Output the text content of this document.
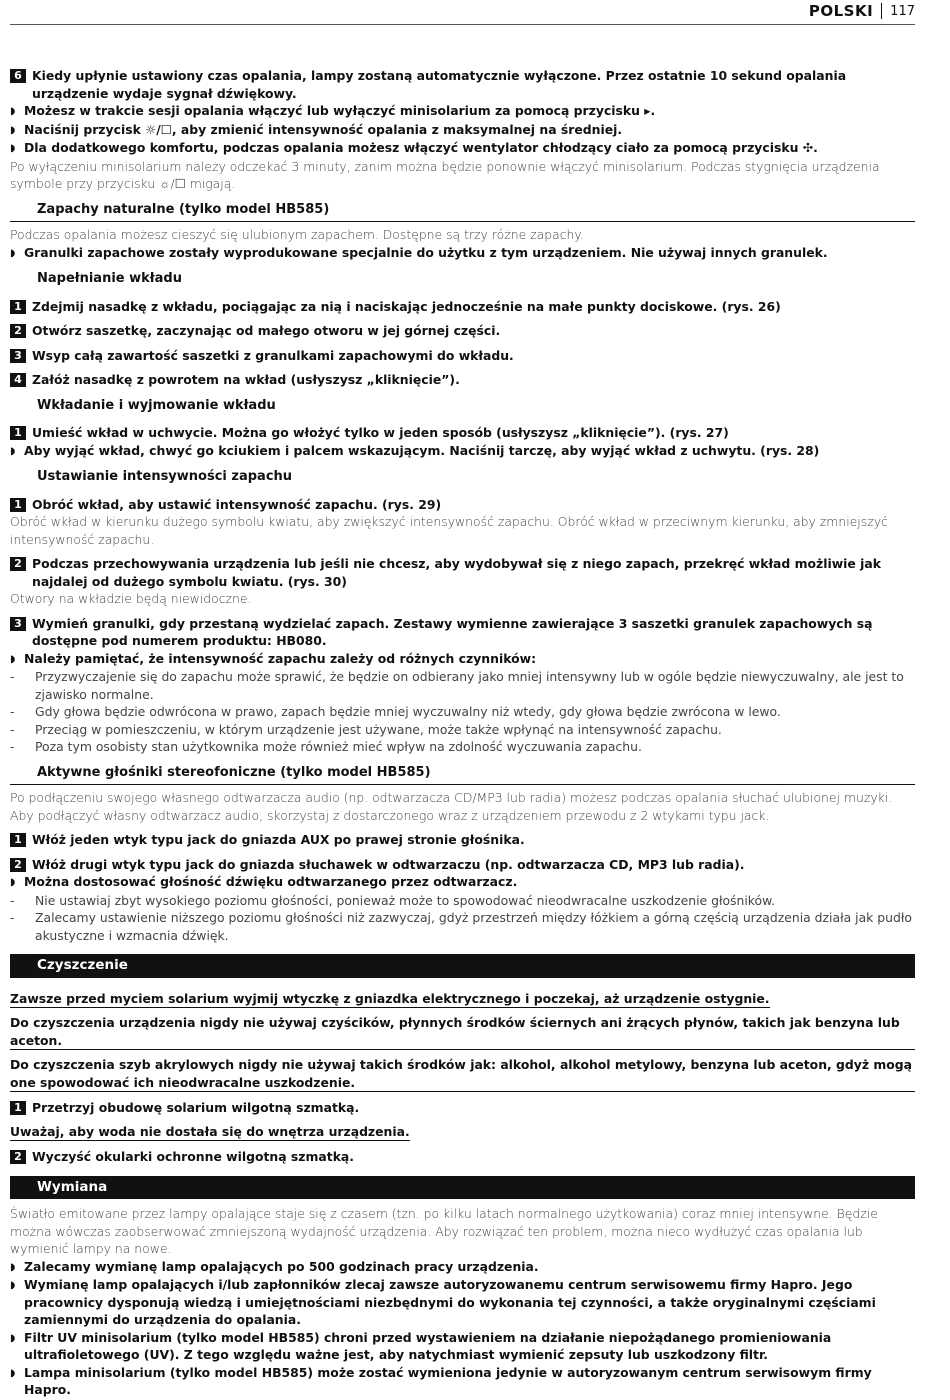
POLSKI 117
6 Kiedy upłynie ustawiony czas opalania, lampy zostaną automatycznie wyłączone. Przez ostatnie 10 sekund opalania urządzenie wydaje sygnał dźwiękowy.
◗ Możesz w trakcie sesji opalania włączyć lub wyłączyć minisolarium za pomocą przycisku ▸.
◗ Naciśnij przycisk ☼/☐, aby zmienić intensywność opalania z maksymalnej na średniej.
◗ Dla dodatkowego komfortu, podczas opalania możesz włączyć wentylator chłodzący ciało za pomocą przycisku ✣.

Po wyłączeniu minisolarium należy odczekać 3 minuty, zanim można będzie ponownie włączyć minisolarium. Podczas stygnięcia urządzenia symbole przy przycisku ☼/☐ migają.

Zapachy naturalne (tylko model HB585)

Podczas opalania możesz cieszyć się ulubionym zapachem. Dostępne są trzy różne zapachy.

◗ Granulki zapachowe zostały wyprodukowane specjalnie do użytku z tym urządzeniem. Nie używaj innych granulek.
Napełnianie wkładu
1 Zdejmij nasadkę z wkładu, pociągając za nią i naciskając jednocześnie na małe punkty dociskowe. (rys. 26)
2 Otwórz saszetkę, zaczynając od małego otworu w jej górnej części.
3 Wsyp całą zawartość saszetki z granulkami zapachowymi do wkładu.
4 Załóż nasadkę z powrotem na wkład (usłyszysz „kliknięcie”).
Wkładanie i wyjmowanie wkładu
1 Umieść wkład w uchwycie. Można go włożyć tylko w jeden sposób (usłyszysz „kliknięcie”). (rys. 27)
◗ Aby wyjąć wkład, chwyć go kciukiem i palcem wskazującym. Naciśnij tarczę, aby wyjąć wkład z uchwytu. (rys. 28)
Ustawianie intensywności zapachu
1 Obróć wkład, aby ustawić intensywność zapachu. (rys. 29)

Obróć wkład w kierunku dużego symbolu kwiatu, aby zwiększyć intensywność zapachu. Obróć wkład w przeciwnym kierunku, aby zmniejszyć intensywność zapachu.

2 Podczas przechowywania urządzenia lub jeśli nie chcesz, aby wydobywał się z niego zapach, przekręć wkład możliwie jak najdalej od dużego symbolu kwiatu. (rys. 30)

Otwory na wkładzie będą niewidoczne.

3 Wymień granulki, gdy przestaną wydzielać zapach. Zestawy wymienne zawierające 3 saszetki granulek zapachowych są dostępne pod numerem produktu: HB080.
◗ Należy pamiętać, że intensywność zapachu zależy od różnych czynników:
-	Przyzwyczajenie się do zapachu może sprawić, że będzie on odbierany jako mniej intensywny lub w ogóle będzie niewyczuwalny, ale jest to zjawisko normalne.
-	Gdy głowa będzie odwrócona w prawo, zapach będzie mniej wyczuwalny niż wtedy, gdy głowa będzie zwrócona w lewo.
-	Przeciąg w pomieszczeniu, w którym urządzenie jest używane, może także wpłynąć na intensywność zapachu.
-	Poza tym osobisty stan użytkownika może również mieć wpływ na zdolność wyczuwania zapachu.
Aktywne głośniki stereofoniczne (tylko model HB585)

Po podłączeniu swojego własnego odtwarzacza audio (np. odtwarzacza CD/MP3 lub radia) możesz podczas opalania słuchać ulubionej muzyki. Aby podłączyć własny odtwarzacz audio, skorzystaj z dostarczonego wraz z urządzeniem przewodu z 2 wtykami typu jack.

1 Włóż jeden wtyk typu jack do gniazda AUX po prawej stronie głośnika.
2 Włóż drugi wtyk typu jack do gniazda słuchawek w odtwarzaczu (np. odtwarzacza CD, MP3 lub radia).
◗ Można dostosować głośność dźwięku odtwarzanego przez odtwarzacz.
-	Nie ustawiaj zbyt wysokiego poziomu głośności, ponieważ może to spowodować nieodwracalne uszkodzenie głośników.
-	Zalecamy ustawienie niższego poziomu głośności niż zazwyczaj, gdyż przestrzeń między łóżkiem a górną częścią urządzenia działa jak pudło akustyczne i wzmacnia dźwięk.
Czyszczenie
Zawsze przed myciem solarium wyjmij wtyczkę z gniazdka elektrycznego i poczekaj, aż urządzenie ostygnie.
Do czyszczenia urządzenia nigdy nie używaj czyścików, płynnych środków ściernych ani żrących płynów, takich jak benzyna lub aceton.
Do czyszczenia szyb akrylowych nigdy nie używaj takich środków jak: alkohol, alkohol metylowy, benzyna lub aceton, gdyż mogą one spowodować ich nieodwracalne uszkodzenie.
1 Przetrzyj obudowę solarium wilgotną szmatką.
Uważaj, aby woda nie dostała się do wnętrza urządzenia.
2 Wyczyść okularki ochronne wilgotną szmatką.
Wymiana

Światło emitowane przez lampy opalające staje się z czasem (tzn. po kilku latach normalnego użytkowania) coraz mniej intensywne. Będzie można wówczas zaobserwować zmniejszoną wydajność urządzenia. Aby rozwiązać ten problem, można nieco wydłużyć czas opalania lub wymienić lampy na nowe.

◗ Zalecamy wymianę lamp opalających po 500 godzinach pracy urządzenia.
◗ Wymianę lamp opalających i/lub zapłonników zlecaj zawsze autoryzowanemu centrum serwisowemu firmy Hapro. Jego pracownicy dysponują wiedzą i umiejętnościami niezbędnymi do wykonania tej czynności, a także oryginalnymi częściami zamiennymi do urządzenia do opalania.
◗ Filtr UV minisolarium (tylko model HB585) chroni przed wystawieniem na działanie niepożądanego promieniowania ultrafioletowego (UV). Z tego względu ważne jest, aby natychmiast wymienić zepsuty lub uszkodzony filtr.
◗ Lampa minisolarium (tylko model HB585) może zostać wymieniona jedynie w autoryzowanym centrum serwisowym firmy Hapro.
